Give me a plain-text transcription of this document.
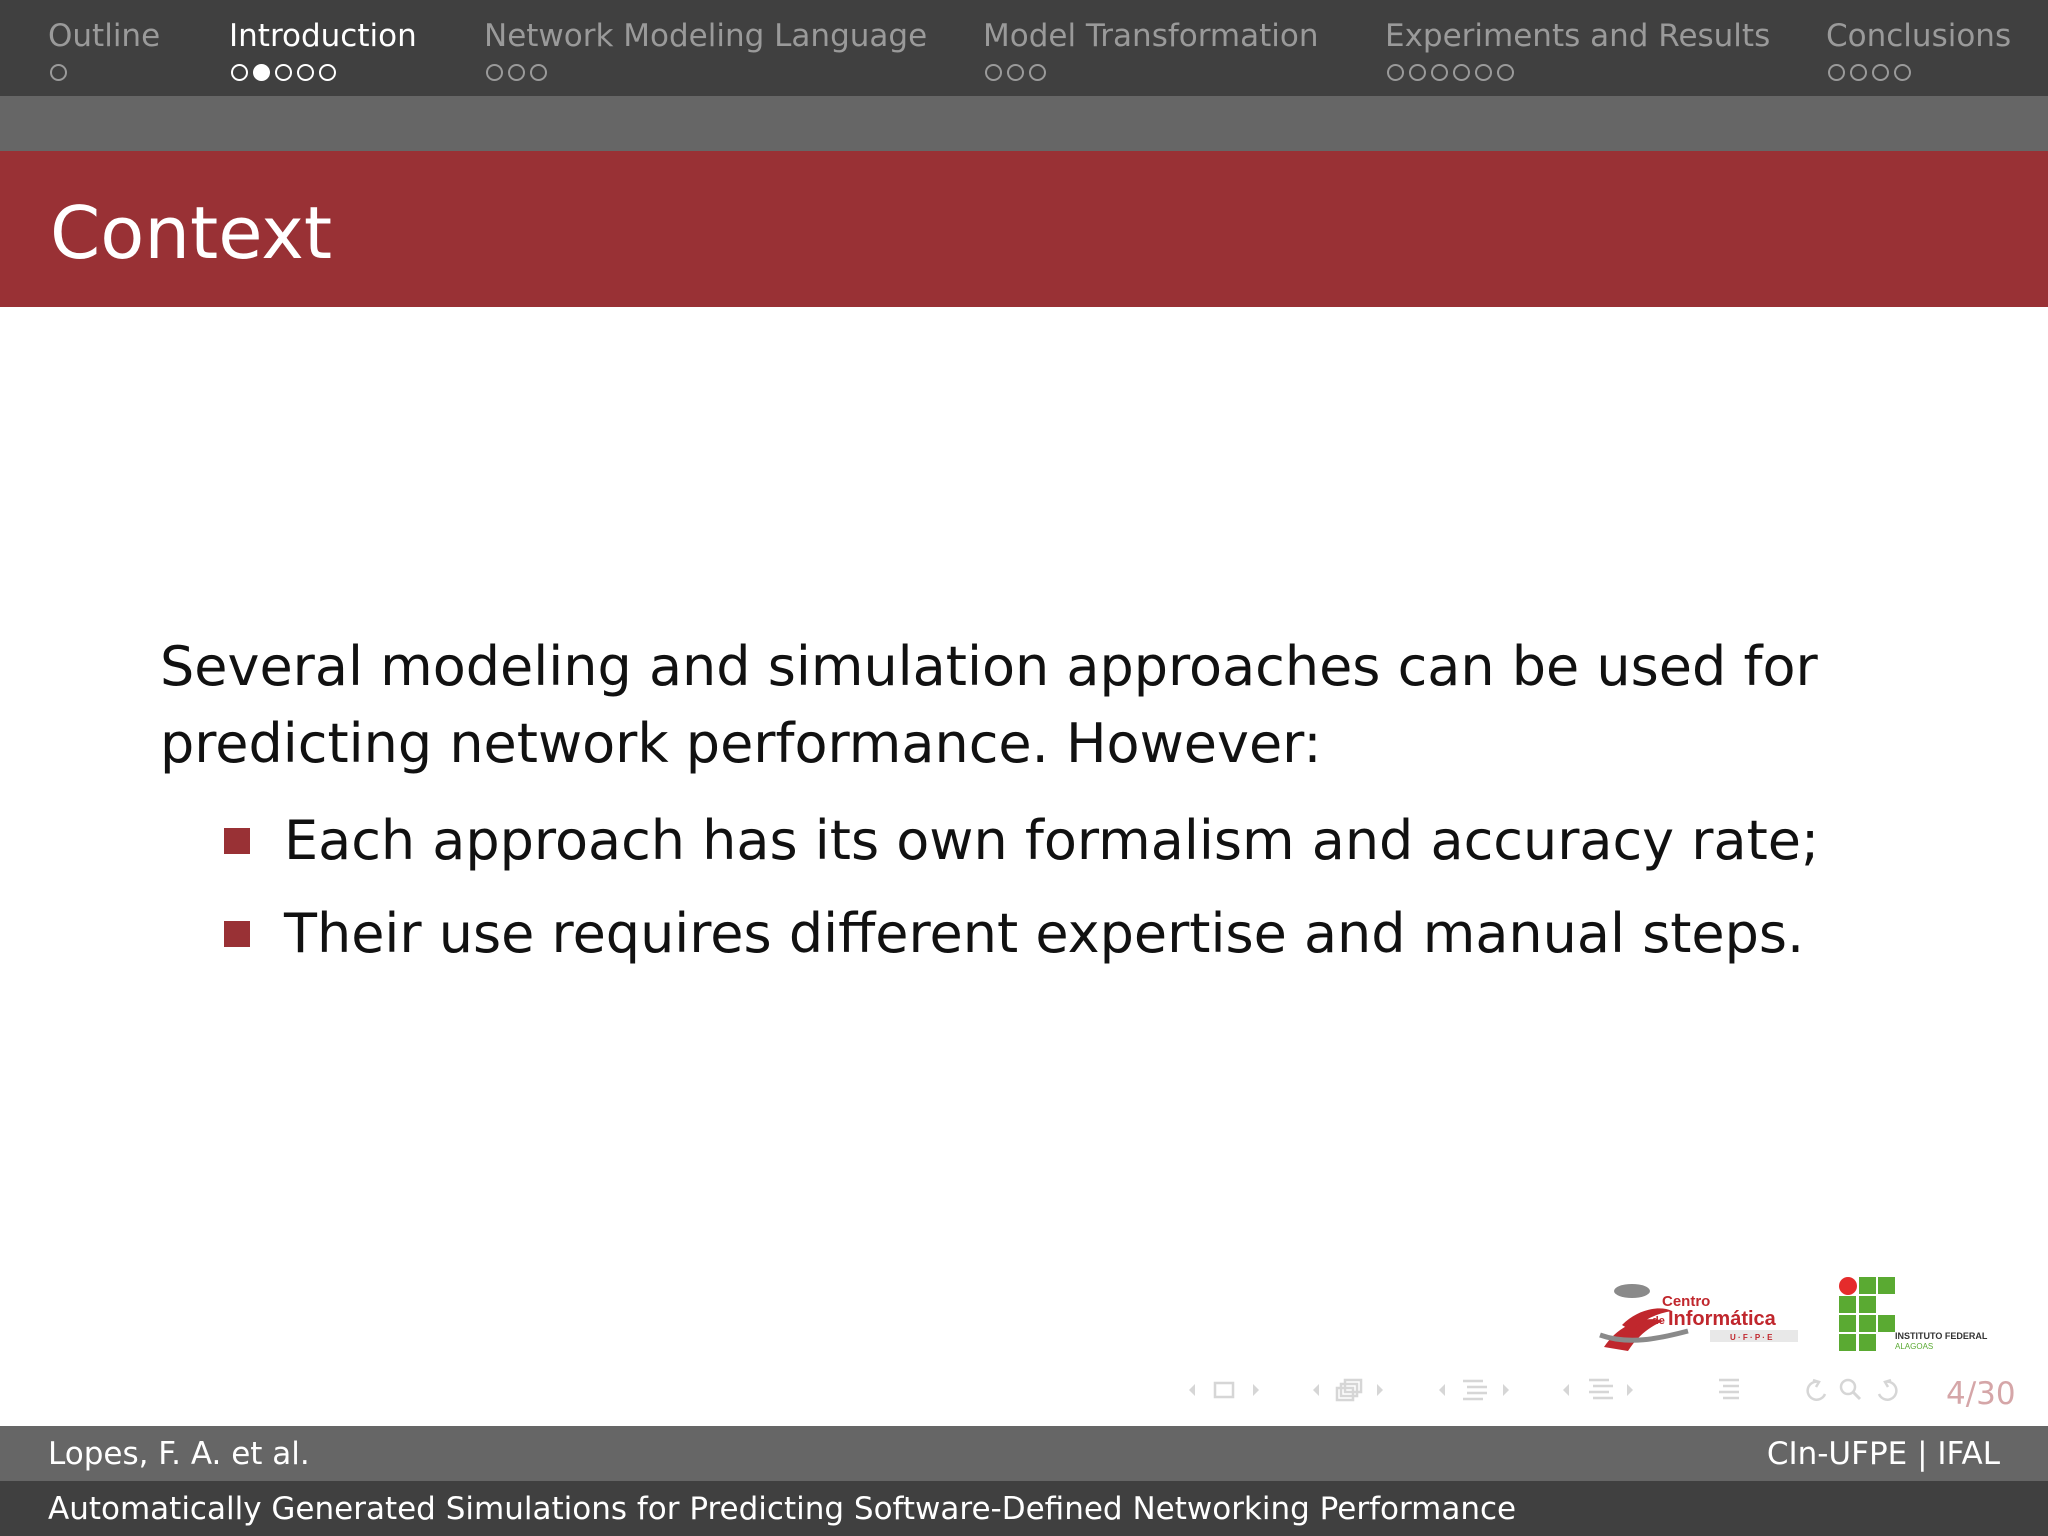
Outline Introduction Network Modeling Language Model Transformation Experiments and Results Conclusions
Context

Several modeling and simulation approaches can be used for
predicting network performance. However:

Each approach has its own formalism and accuracy rate;
Their use requires different expertise and manual steps.
Centro
de Informática
U · F · P · E	INSTITUTO FEDERAL
ALAGOAS
4/30
Lopes, F. A. et al.	CIn-UFPE | IFAL
Automatically Generated Simulations for Predicting Software-Defined Networking Performance
